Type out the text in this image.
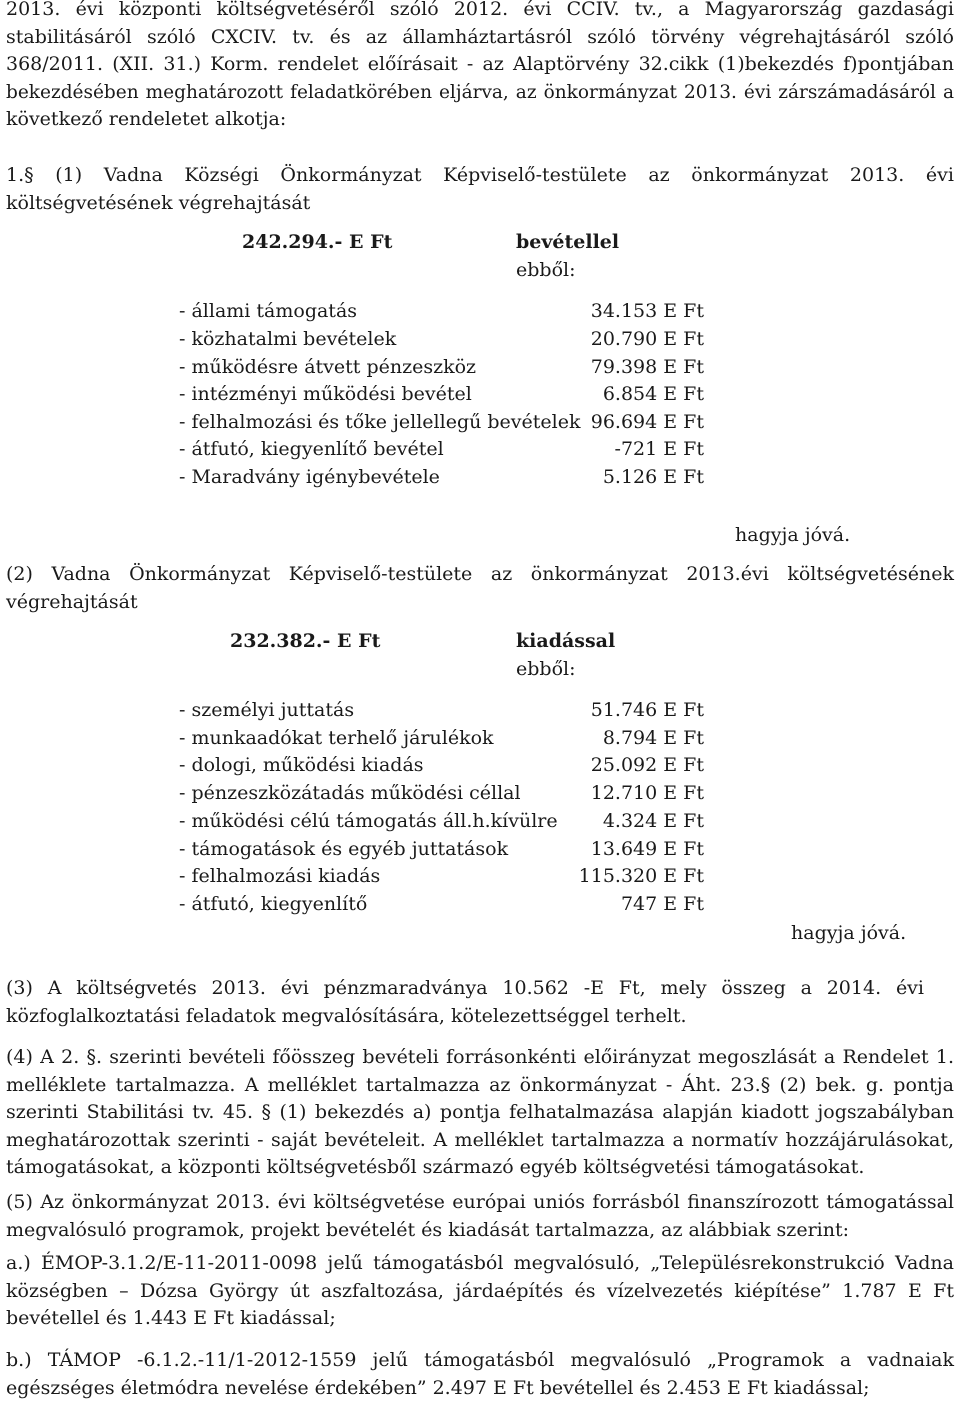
2013. évi központi költségvetéséről szóló 2012. évi CCIV. tv., a Magyarország gazdasági
stabilitásáról szóló CXCIV. tv. és az államháztartásról szóló törvény végrehajtásáról szóló
368/2011. (XII. 31.) Korm. rendelet előírásait - az Alaptörvény 32.cikk (1)bekezdés f)pontjában
bekezdésében meghatározott feladatkörében eljárva, az önkormányzat 2013. évi zárszámadásáról a
következő rendeletet alkotja:
1.§ (1) Vadna Községi Önkormányzat Képviselő-testülete az önkormányzat 2013. évi
költségvetésének végrehajtását
242.294.- E Ft	bevétellel
ebből:
- állami támogatás	34.153 E Ft
- közhatalmi bevételek	20.790 E Ft
- működésre átvett pénzeszköz	79.398 E Ft
- intézményi működési bevétel	6.854 E Ft
- felhalmozási és tőke jellellegű bevételek 96.694 E Ft
- átfutó, kiegyenlítő bevétel	-721 E Ft
- Maradvány igénybevétele	5.126 E Ft
hagyja jóvá.
(2) Vadna Önkormányzat Képviselő-testülete az önkormányzat 2013.évi költségvetésének
végrehajtását
232.382.- E Ft	kiadással
ebből:
- személyi juttatás	51.746 E Ft
- munkaadókat terhelő járulékok	8.794 E Ft
- dologi, működési kiadás	25.092 E Ft
- pénzeszközátadás működési céllal	12.710 E Ft
- működési célú támogatás áll.h.kívülre 4.324 E Ft
- támogatások és egyéb juttatások	13.649 E Ft
- felhalmozási kiadás	115.320 E Ft
- átfutó, kiegyenlítő	747 E Ft
hagyja jóvá.
(3) A költségvetés 2013. évi pénzmaradványa 10.562 -E Ft, mely összeg a 2014. évi
közfoglalkoztatási feladatok megvalósítására, kötelezettséggel terhelt.
(4) A 2. §. szerinti bevételi főösszeg bevételi forrásonkénti előirányzat megoszlását a Rendelet 1.
melléklete tartalmazza. A melléklet tartalmazza az önkormányzat - Áht. 23.§ (2) bek. g. pontja
szerinti Stabilitási tv. 45. § (1) bekezdés a) pontja felhatalmazása alapján kiadott jogszabályban
meghatározottak szerinti - saját bevételeit. A melléklet tartalmazza a normatív hozzájárulásokat,
támogatásokat, a központi költségvetésből származó egyéb költségvetési támogatásokat.
(5) Az önkormányzat 2013. évi költségvetése európai uniós forrásból finanszírozott támogatással
megvalósuló programok, projekt bevételét és kiadását tartalmazza, az alábbiak szerint:
a.) ÉMOP-3.1.2/E-11-2011-0098 jelű támogatásból megvalósuló, „Településrekonstrukció Vadna
községben – Dózsa György út aszfaltozása, járdaépítés és vízelvezetés kiépítése” 1.787 E Ft
bevétellel és 1.443 E Ft kiadással;
b.) TÁMOP -6.1.2.-11/1-2012-1559 jelű támogatásból megvalósuló „Programok a vadnaiak
egészséges életmódra nevelése érdekében” 2.497 E Ft bevétellel és 2.453 E Ft kiadással;
